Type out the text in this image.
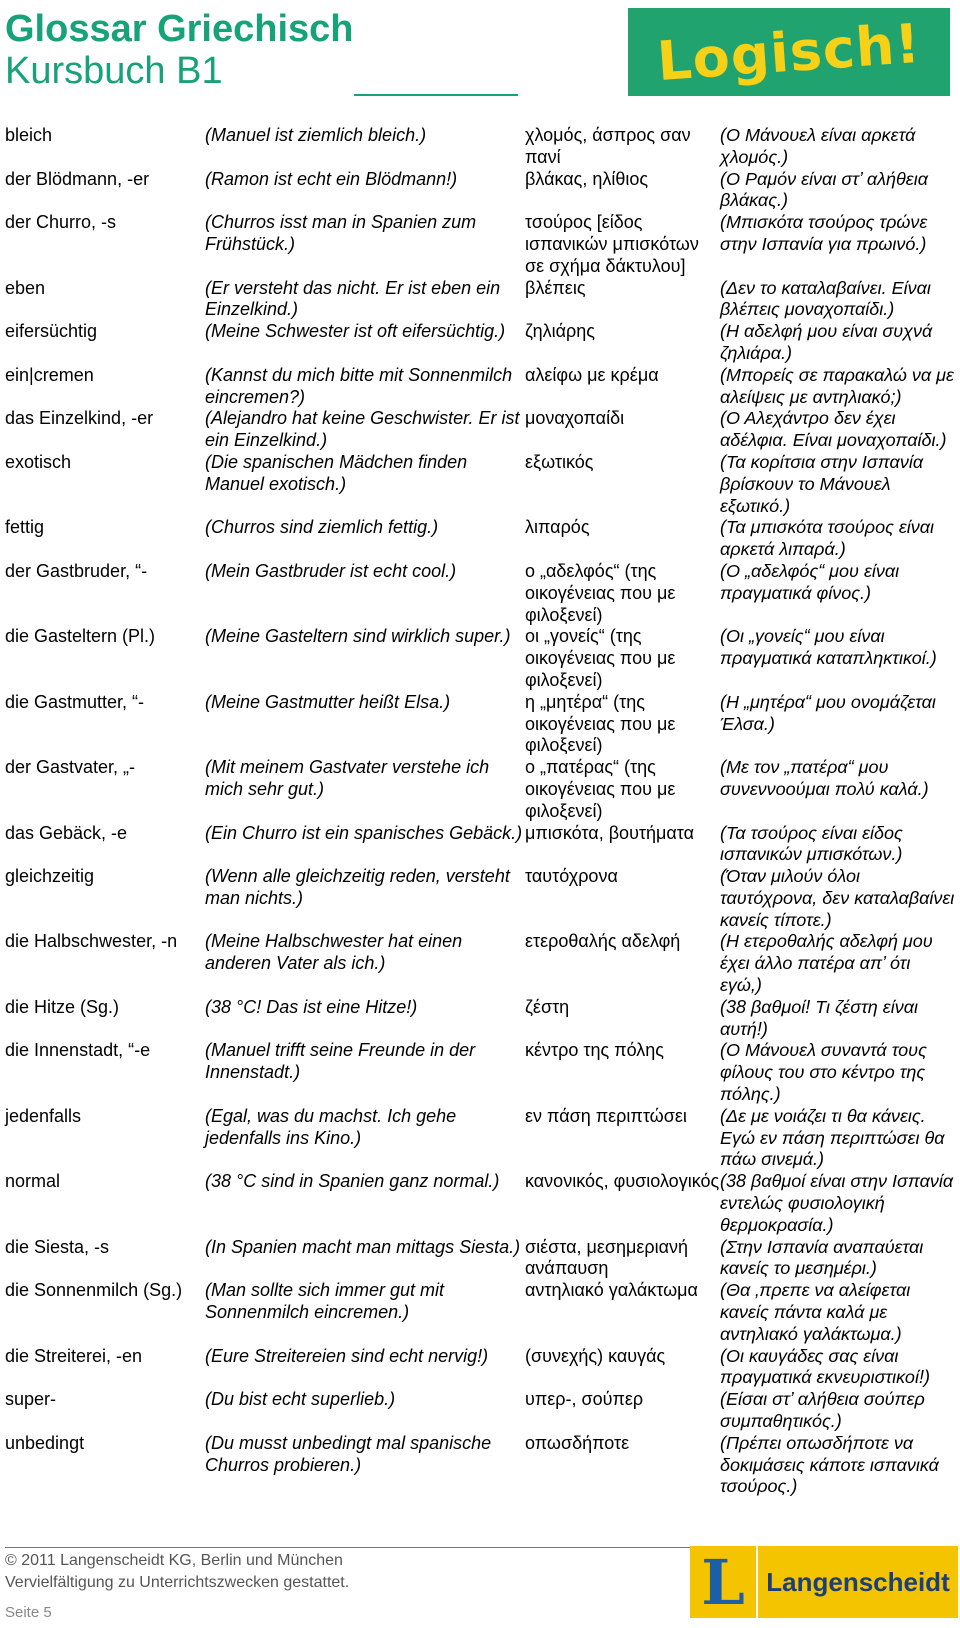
Glossar Griechisch
Kursbuch B1	Logisch!
bleich	(Manuel ist ziemlich bleich.)	χλομός, άσπρος σαν πανί	(Ο Μάνουελ είναι αρκετά χλομός.)
der Blödmann, -er	(Ramon ist echt ein Blödmann!)	βλάκας, ηλίθιος	(Ο Ραμόν είναι στ’ αλήθεια βλάκας.)
der Churro, -s	(Churros isst man in Spanien zum Frühstück.)	τσούρος [είδος ισπανικών μπισκότων σε σχήμα δάκτυλου]	(Μπισκότα τσούρος τρώνε στην Ισπανία για πρωινό.)
eben	(Er versteht das nicht. Er ist eben ein Einzelkind.)	βλέπεις	(Δεν το καταλαβαίνει. Είναι βλέπεις μοναχοπαίδι.)
eifersüchtig	(Meine Schwester ist oft eifersüchtig.)	ζηλιάρης	(Η αδελφή μου είναι συχνά ζηλιάρα.)
ein|cremen	(Kannst du mich bitte mit Sonnenmilch eincremen?)	αλείφω με κρέμα	(Μπορείς σε παρακαλώ να με αλείψεις με αντηλιακό;)
das Einzelkind, -er	(Alejandro hat keine Geschwister. Er ist ein Einzelkind.)	μοναχοπαίδι	(Ο Αλεχάντρο δεν έχει αδέλφια. Είναι μοναχοπαίδι.)
exotisch	(Die spanischen Mädchen finden Manuel exotisch.)	εξωτικός	(Τα κορίτσια στην Ισπανία βρίσκουν το Μάνουελ εξωτικό.)
fettig	(Churros sind ziemlich fettig.)	λιπαρός	(Τα μπισκότα τσούρος είναι αρκετά λιπαρά.)
der Gastbruder, “-	(Mein Gastbruder ist echt cool.)	ο „αδελφός“ (της οικογένειας που με φιλοξενεί)	(Ο „αδελφός“ μου είναι πραγματικά φίνος.)
die Gasteltern (Pl.)	(Meine Gasteltern sind wirklich super.)	οι „γονείς“ (της οικογένειας που με φιλοξενεί)	(Οι „γονείς“ μου είναι πραγματικά καταπληκτικοί.)
die Gastmutter, “-	(Meine Gastmutter heißt Elsa.)	η „μητέρα“ (της οικογένειας που με φιλοξενεί)	(Η „μητέρα“ μου ονομάζεται Έλσα.)
der Gastvater, „-	(Mit meinem Gastvater verstehe ich mich sehr gut.)	ο „πατέρας“ (της οικογένειας που με φιλοξενεί)	(Με τον „πατέρα“ μου συνεννοούμαι πολύ καλά.)
das Gebäck, -e	(Ein Churro ist ein spanisches Gebäck.)	μπισκότα, βουτήματα	(Τα τσούρος είναι είδος ισπανικών μπισκότων.)
gleichzeitig	(Wenn alle gleichzeitig reden, versteht man nichts.)	ταυτόχρονα	(Όταν μιλούν όλοι ταυτόχρονα, δεν καταλαβαίνει κανείς τίποτε.)
die Halbschwester, -n	(Meine Halbschwester hat einen anderen Vater als ich.)	ετεροθαλής αδελφή	(Η ετεροθαλής αδελφή μου έχει άλλο πατέρα απ’ ότι εγώ,)
die Hitze (Sg.)	(38 °C! Das ist eine Hitze!)	ζέστη	(38 βαθμοί! Τι ζέστη είναι αυτή!)
die Innenstadt, “-e	(Manuel trifft seine Freunde in der Innenstadt.)	κέντρο της πόλης	(Ο Μάνουελ συναντά τους φίλους του στο κέντρο της πόλης.)
jedenfalls	(Egal, was du machst. Ich gehe jedenfalls ins Kino.)	εν πάση περιπτώσει	(Δε με νοιάζει τι θα κάνεις. Εγώ εν πάση περιπτώσει θα πάω σινεμά.)
normal	(38 °C sind in Spanien ganz normal.)	κανονικός, φυσιολογικός	(38 βαθμοί είναι στην Ισπανία εντελώς φυσιολογική θερμοκρασία.)
die Siesta, -s	(In Spanien macht man mittags Siesta.)	σιέστα, μεσημεριανή ανάπαυση	(Στην Ισπανία αναπαύεται κανείς το μεσημέρι.)
die Sonnenmilch (Sg.)	(Man sollte sich immer gut mit Sonnenmilch eincremen.)	αντηλιακό γαλάκτωμα	(Θα ‚πρεπε να αλείφεται κανείς πάντα καλά με αντηλιακό γαλάκτωμα.)
die Streiterei, -en	(Eure Streitereien sind echt nervig!)	(συνεχής) καυγάς	(Οι καυγάδες σας είναι πραγματικά εκνευριστικοί!)
super-	(Du bist echt superlieb.)	υπερ-, σούπερ	(Είσαι στ’ αλήθεια σούπερ συμπαθητικός.)
unbedingt	(Du musst unbedingt mal spanische Churros probieren.)	οπωσδήποτε	(Πρέπει οπωσδήποτε να δοκιμάσεις κάποτε ισπανικά τσούρος.)
© 2011 Langenscheidt KG, Berlin und München
Vervielfältigung zu Unterrichtszwecken gestattet.
Seite 5	L Langenscheidt
